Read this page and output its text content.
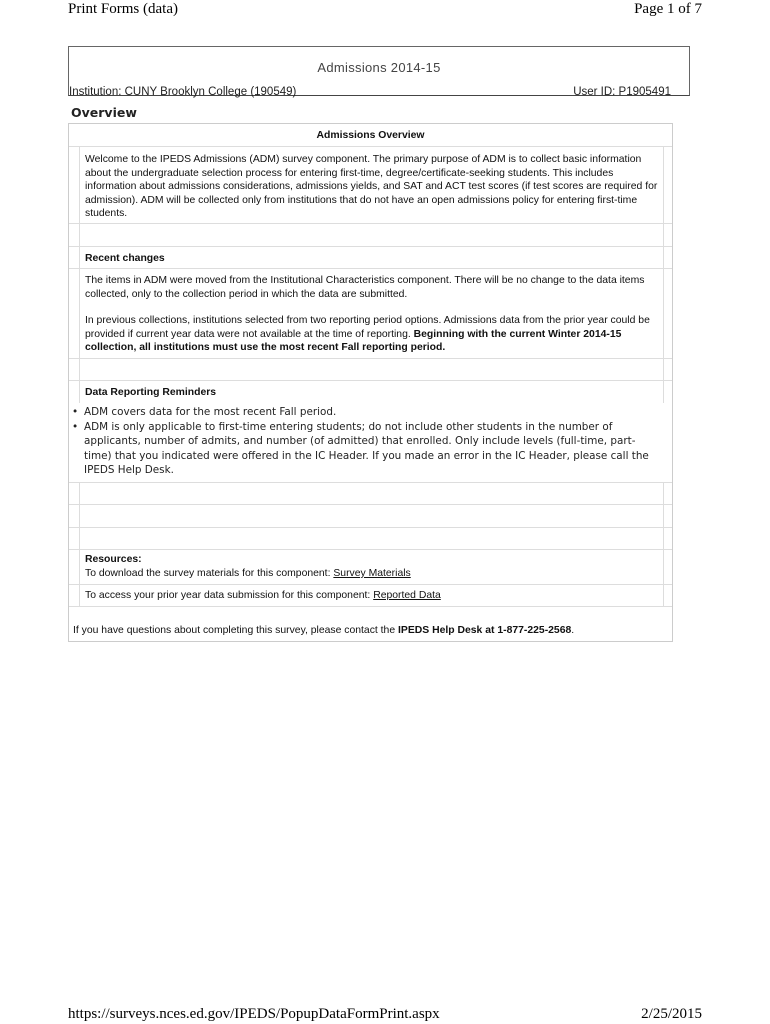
Print Forms (data)	Page 1 of 7
Admissions 2014-15
Institution: CUNY Brooklyn College (190549)	User ID: P1905491
Overview
Admissions Overview
Welcome to the IPEDS Admissions (ADM) survey component. The primary purpose of ADM is to collect basic information about the undergraduate selection process for entering first-time, degree/certificate-seeking students. This includes information about admissions considerations, admissions yields, and SAT and ACT test scores (if test scores are required for admission). ADM will be collected only from institutions that do not have an open admissions policy for entering first-time students.
Recent changes
The items in ADM were moved from the Institutional Characteristics component. There will be no change to the data items collected, only to the collection period in which the data are submitted.
In previous collections, institutions selected from two reporting period options. Admissions data from the prior year could be provided if current year data were not available at the time of reporting. Beginning with the current Winter 2014-15 collection, all institutions must use the most recent Fall reporting period.
Data Reporting Reminders
• ADM covers data for the most recent Fall period.
• ADM is only applicable to first-time entering students; do not include other students in the number of applicants, number of admits, and number (of admitted) that enrolled. Only include levels (full-time, part-time) that you indicated were offered in the IC Header. If you made an error in the IC Header, please call the IPEDS Help Desk.
Resources:
To download the survey materials for this component: Survey Materials
To access your prior year data submission for this component: Reported Data
If you have questions about completing this survey, please contact the IPEDS Help Desk at 1-877-225-2568.
https://surveys.nces.ed.gov/IPEDS/PopupDataFormPrint.aspx	2/25/2015
